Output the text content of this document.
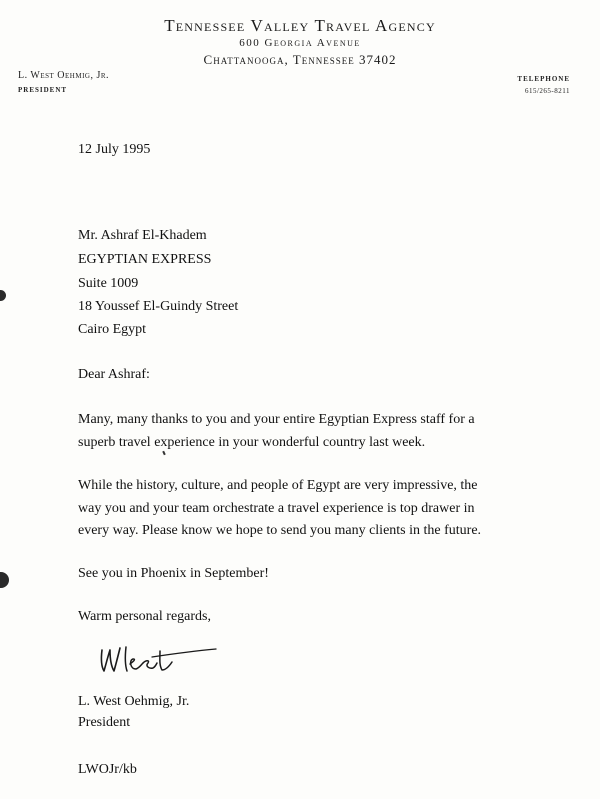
Tennessee Valley Travel Agency
600 Georgia Avenue
Chattanooga, Tennessee 37402
L. West Oehmig, Jr.
PRESIDENT
TELEPHONE
615/265-8211
12 July 1995
Mr. Ashraf El-Khadem
EGYPTIAN EXPRESS
Suite 1009
18 Youssef El-Guindy Street
Cairo Egypt
Dear Ashraf:
Many, many thanks to you and your entire Egyptian Express staff for a
superb travel experience in your wonderful country last week.
While the history, culture, and people of Egypt are very impressive, the
way you and your team orchestrate a travel experience is top drawer in
every way. Please know we hope to send you many clients in the future.
See you in Phoenix in September!
Warm personal regards,
L. West Oehmig, Jr.
President
LWOJr/kb
